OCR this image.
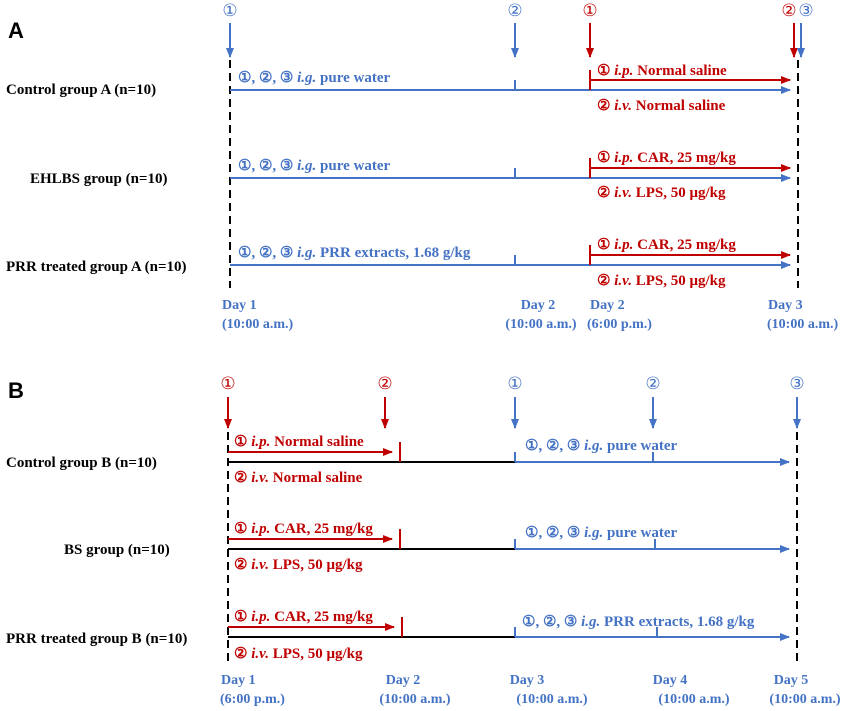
A
①	②	①	② ③
Control group A (n=10)
①, ②, ③ i.g. pure water	① i.p. Normal saline
② i.v. Normal saline
EHLBS group (n=10)
①, ②, ③ i.g. pure water	① i.p. CAR, 25 mg/kg
② i.v. LPS, 50 μg/kg
PRR treated group A (n=10)
①, ②, ③ i.g. PRR extracts, 1.68 g/kg	① i.p. CAR, 25 mg/kg
② i.v. LPS, 50 μg/kg
Day 1
(10:00 a.m.)
Day 2
(10:00 a.m.)
Day 2
(6:00 p.m.)
Day 3
(10:00 a.m.)
B	①	②	①	②	③
Control group B (n=10)
① i.p. Normal saline
② i.v. Normal saline
①, ②, ③ i.g. pure water
BS group (n=10)
① i.p. CAR, 25 mg/kg
② i.v. LPS, 50 μg/kg
①, ②, ③ i.g. pure water
PRR treated group B (n=10)
① i.p. CAR, 25 mg/kg
② i.v. LPS, 50 μg/kg
①, ②, ③ i.g. PRR extracts, 1.68 g/kg
Day 1
(6:00 p.m.)
Day 2
(10:00 a.m.)
Day 3
(10:00 a.m.)
Day 4
(10:00 a.m.)
Day 5
(10:00 a.m.)
